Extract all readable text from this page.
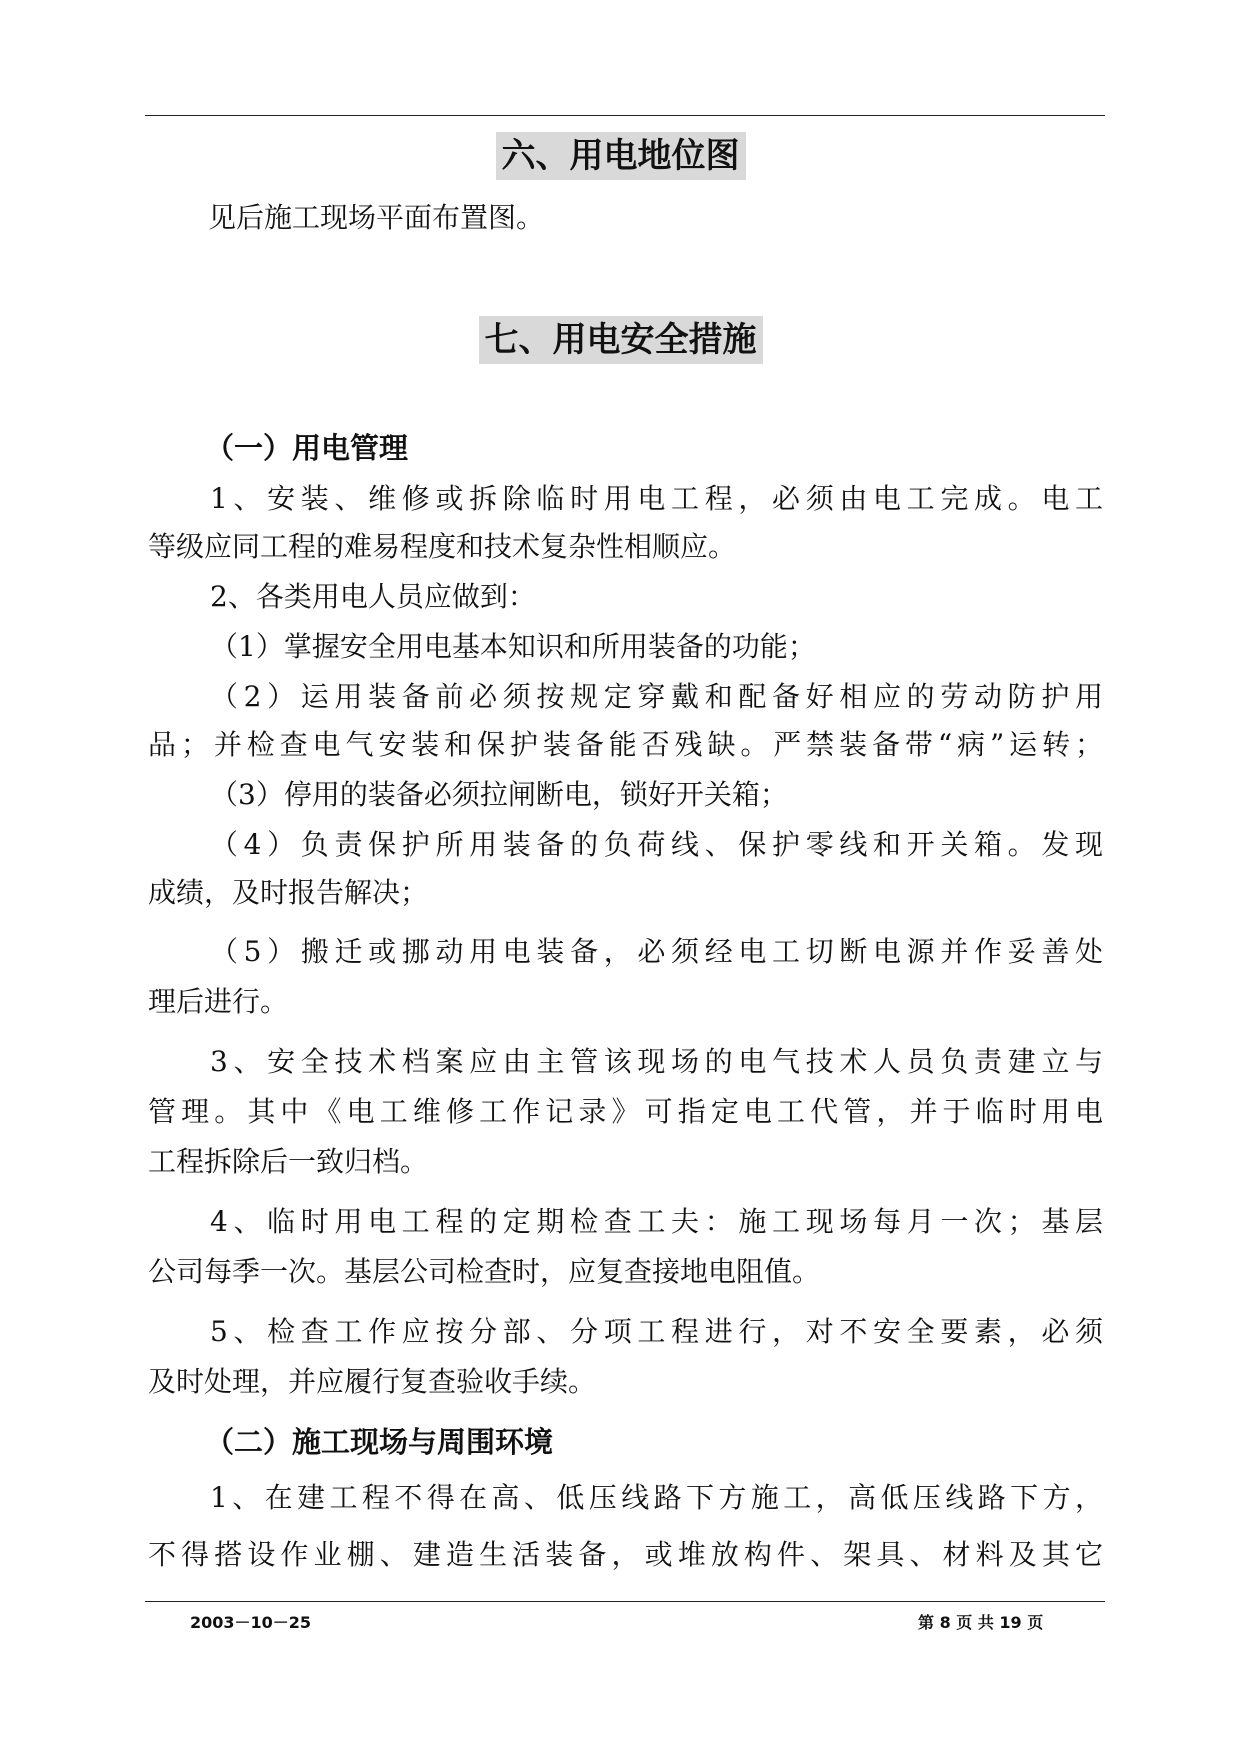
六、用电地位图
见后施工现场平面布置图。
七、用电安全措施
（一）用电管理
1、安装、维修或拆除临时用电工程，必须由电工完成。电工
等级应同工程的难易程度和技术复杂性相顺应。
2、各类用电人员应做到：
（1）掌握安全用电基本知识和所用装备的功能；
（2）运用装备前必须按规定穿戴和配备好相应的劳动防护用
品；并检查电气安装和保护装备能否残缺。严禁装备带“病”运转；
（3）停用的装备必须拉闸断电，锁好开关箱；
（4）负责保护所用装备的负荷线、保护零线和开关箱。发现
成绩，及时报告解决；
（5）搬迁或挪动用电装备，必须经电工切断电源并作妥善处
理后进行。
3、安全技术档案应由主管该现场的电气技术人员负责建立与
管理。其中《电工维修工作记录》可指定电工代管，并于临时用电
工程拆除后一致归档。
4、临时用电工程的定期检查工夫：施工现场每月一次；基层
公司每季一次。基层公司检查时，应复查接地电阻值。
5、检查工作应按分部、分项工程进行，对不安全要素，必须
及时处理，并应履行复查验收手续。
（二）施工现场与周围环境
1、在建工程不得在高、低压线路下方施工，高低压线路下方，
不得搭设作业棚、建造生活装备，或堆放构件、架具、材料及其它
2003－10－25	第 8 页 共 19 页
